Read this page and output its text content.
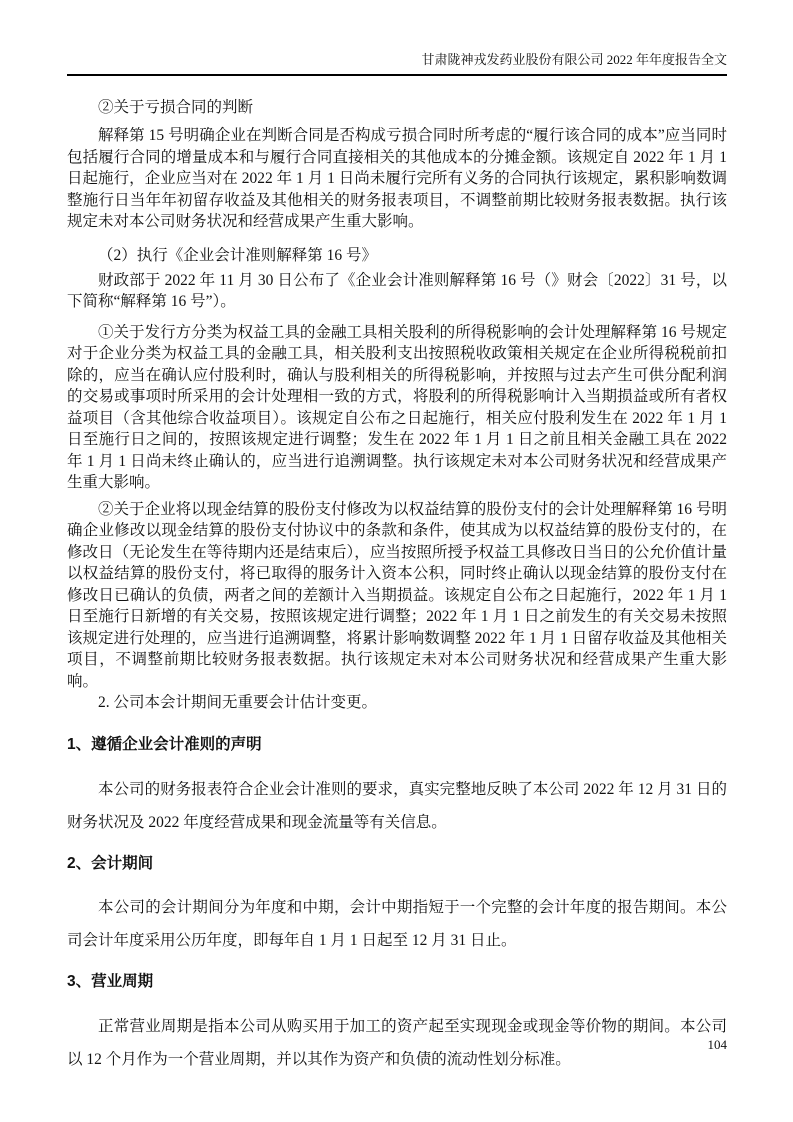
甘肃陇神戎发药业股份有限公司 2022 年年度报告全文

②关于亏损合同的判断

解释第 15 号明确企业在判断合同是否构成亏损合同时所考虑的“履行该合同的成本”应当同时包括履行合同的增量成本和与履行合同直接相关的其他成本的分摊金额。该规定自 2022 年 1 月 1 日起施行，企业应当对在 2022 年 1 月 1 日尚未履行完所有义务的合同执行该规定，累积影响数调整施行日当年年初留存收益及其他相关的财务报表项目，不调整前期比较财务报表数据。执行该规定未对本公司财务状况和经营成果产生重大影响。

（2）执行《企业会计准则解释第 16 号》

财政部于 2022 年 11 月 30 日公布了《企业会计准则解释第 16 号（》财会〔2022〕31 号，以下简称“解释第 16 号”）。

①关于发行方分类为权益工具的金融工具相关股利的所得税影响的会计处理解释第 16 号规定对于企业分类为权益工具的金融工具，相关股利支出按照税收政策相关规定在企业所得税税前扣除的，应当在确认应付股利时，确认与股利相关的所得税影响，并按照与过去产生可供分配利润的交易或事项时所采用的会计处理相一致的方式，将股利的所得税影响计入当期损益或所有者权益项目（含其他综合收益项目）。该规定自公布之日起施行，相关应付股利发生在 2022 年 1 月 1 日至施行日之间的，按照该规定进行调整；发生在 2022 年 1 月 1 日之前且相关金融工具在 2022 年 1 月 1 日尚未终止确认的，应当进行追溯调整。执行该规定未对本公司财务状况和经营成果产生重大影响。

②关于企业将以现金结算的股份支付修改为以权益结算的股份支付的会计处理解释第 16 号明确企业修改以现金结算的股份支付协议中的条款和条件，使其成为以权益结算的股份支付的，在修改日（无论发生在等待期内还是结束后），应当按照所授予权益工具修改日当日的公允价值计量以权益结算的股份支付，将已取得的服务计入资本公积，同时终止确认以现金结算的股份支付在修改日已确认的负债，两者之间的差额计入当期损益。该规定自公布之日起施行，2022 年 1 月 1 日至施行日新增的有关交易，按照该规定进行调整；2022 年 1 月 1 日之前发生的有关交易未按照该规定进行处理的，应当进行追溯调整，将累计影响数调整 2022 年 1 月 1 日留存收益及其他相关项目，不调整前期比较财务报表数据。执行该规定未对本公司财务状况和经营成果产生重大影响。

2. 公司本会计期间无重要会计估计变更。

1、遵循企业会计准则的声明

本公司的财务报表符合企业会计准则的要求，真实完整地反映了本公司 2022 年 12 月 31 日的财务状况及 2022 年度经营成果和现金流量等有关信息。

2、会计期间

本公司的会计期间分为年度和中期，会计中期指短于一个完整的会计年度的报告期间。本公司会计年度采用公历年度，即每年自 1 月 1 日起至 12 月 31 日止。

3、营业周期

正常营业周期是指本公司从购买用于加工的资产起至实现现金或现金等价物的期间。本公司以 12 个月作为一个营业周期，并以其作为资产和负债的流动性划分标准。

104
